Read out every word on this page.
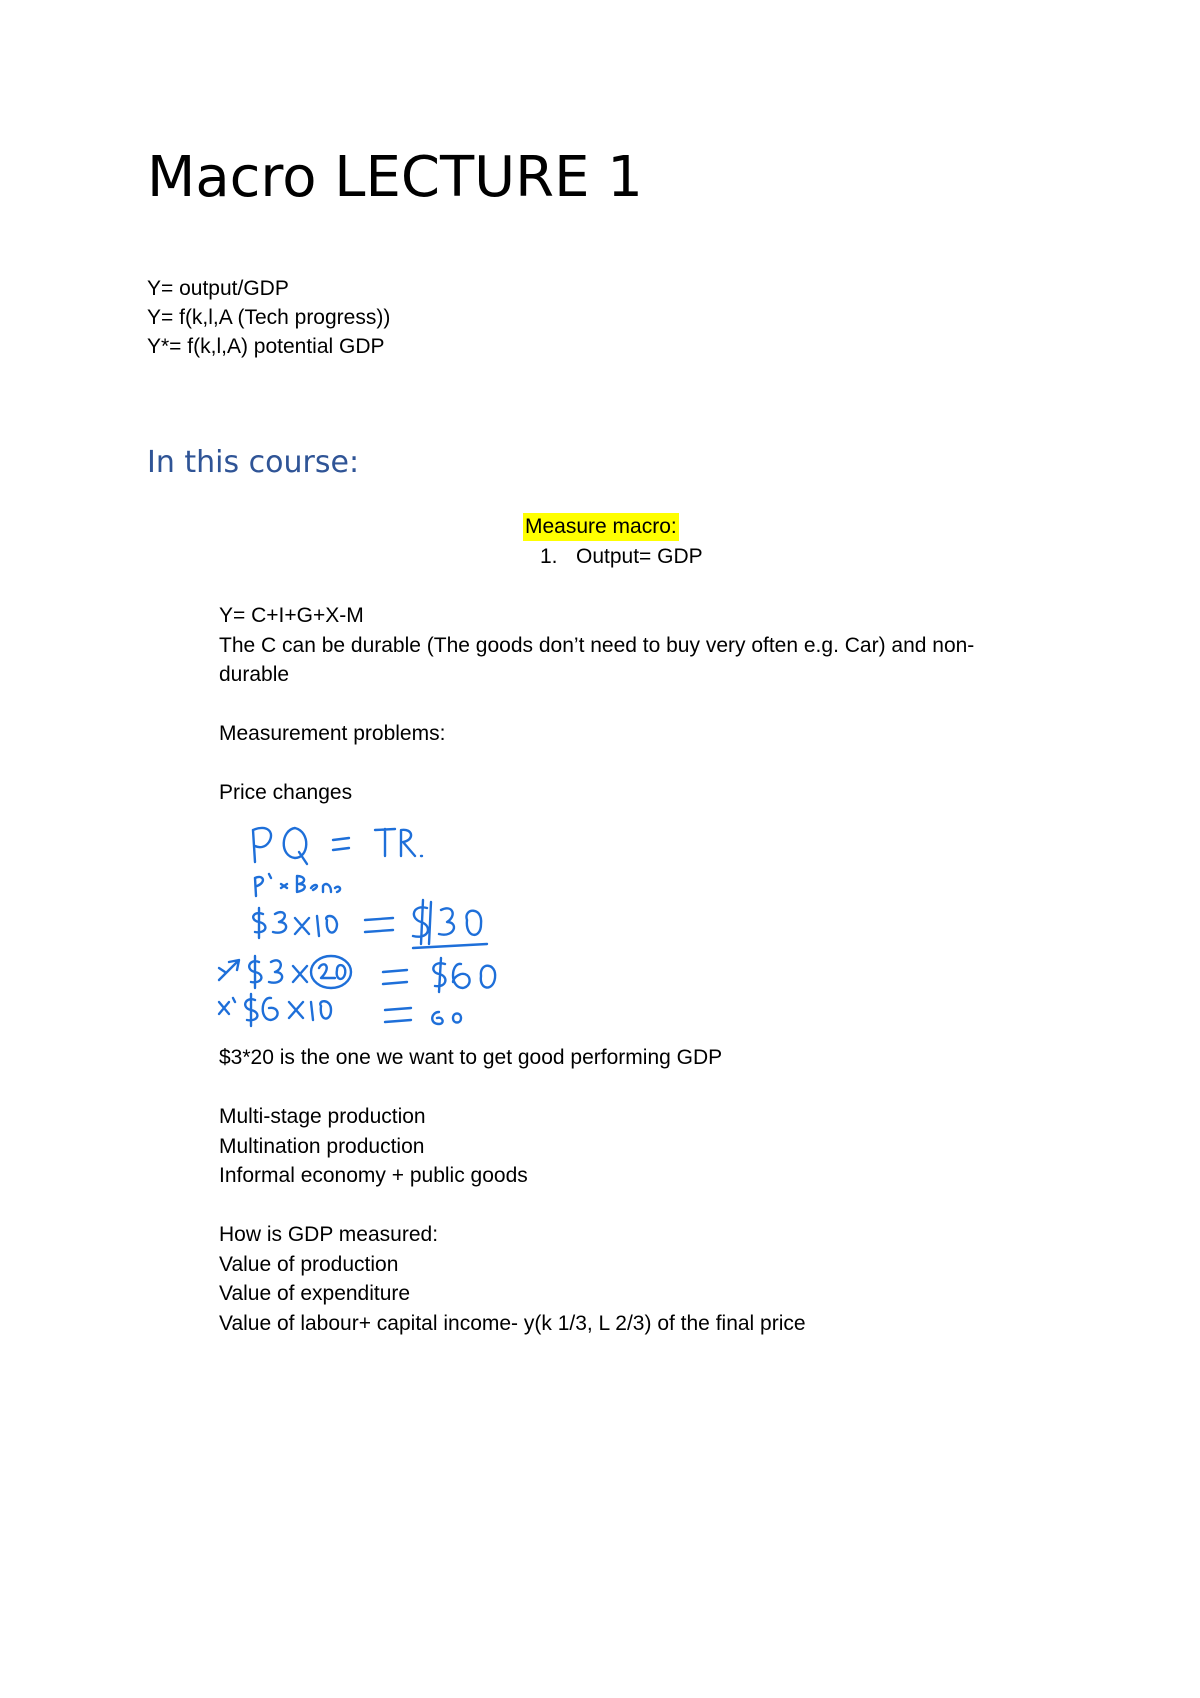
Macro LECTURE 1
Y= output/GDP
Y= f(k,l,A (Tech progress))
Y*= f(k,l,A) potential GDP
In this course:
Measure macro:
1. Output= GDP
Y= C+I+G+X-M
The C can be durable (The goods don’t need to buy very often e.g. Car) and non-
durable
Measurement problems:
Price changes
$3*20 is the one we want to get good performing GDP
Multi-stage production
Multination production
Informal economy + public goods
How is GDP measured:
Value of production
Value of expenditure
Value of labour+ capital income- y(k 1/3, L 2/3) of the final price
